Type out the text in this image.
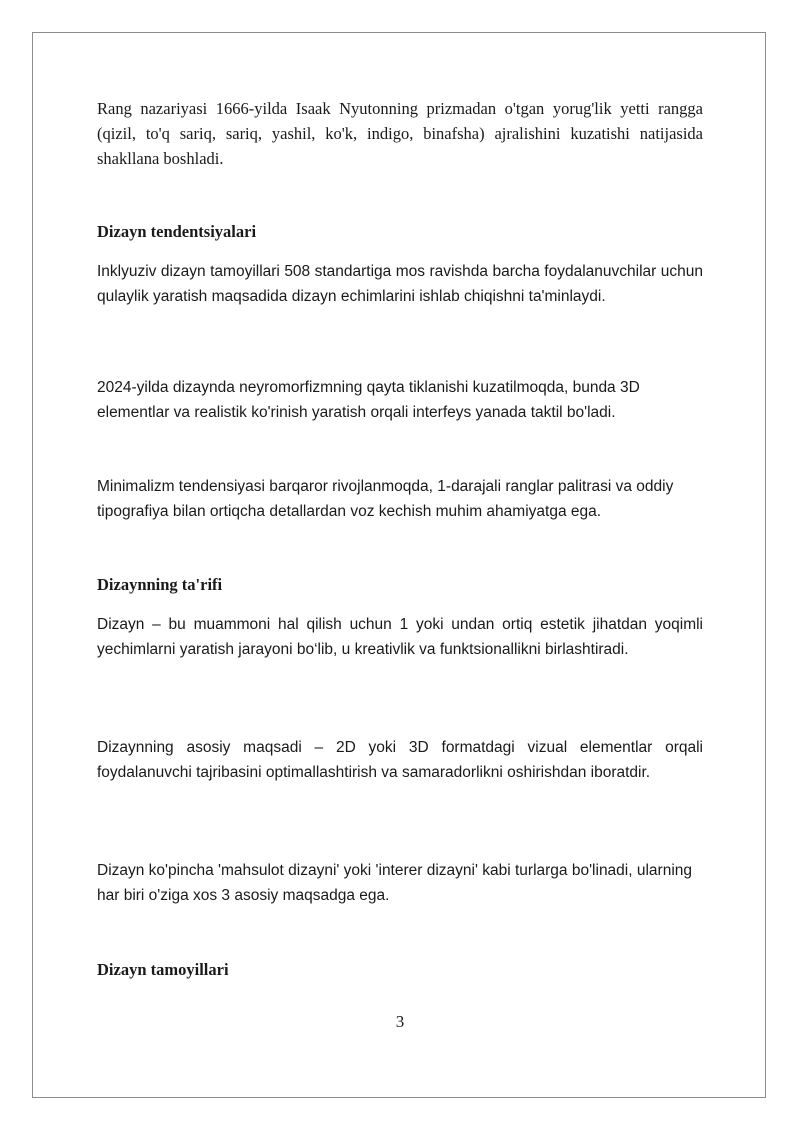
Rang nazariyasi 1666-yilda Isaak Nyutonning prizmadan o'tgan yorug'lik yetti rangga (qizil, to'q sariq, sariq, yashil, ko'k, indigo, binafsha) ajralishini kuzatishi natijasida shakllana boshladi.

Dizayn tendentsiyalari

Inklyuziv dizayn tamoyillari 508 standartiga mos ravishda barcha foydalanuvchilar uchun qulaylik yaratish maqsadida dizayn echimlarini ishlab chiqishni ta'minlaydi.

2024-yilda dizaynda neyromorfizmning qayta tiklanishi kuzatilmoqda, bunda 3D elementlar va realistik ko'rinish yaratish orqali interfeys yanada taktil bo'ladi.

Minimalizm tendensiyasi barqaror rivojlanmoqda, 1-darajali ranglar palitrasi va oddiy tipografiya bilan ortiqcha detallardan voz kechish muhim ahamiyatga ega.

Dizaynning ta'rifi

Dizayn – bu muammoni hal qilish uchun 1 yoki undan ortiq estetik jihatdan yoqimli yechimlarni yaratish jarayoni bo‘lib, u kreativlik va funktsionallikni birlashtiradi.

Dizaynning asosiy maqsadi – 2D yoki 3D formatdagi vizual elementlar orqali foydalanuvchi tajribasini optimallashtirish va samaradorlikni oshirishdan iboratdir.

Dizayn ko'pincha 'mahsulot dizayni' yoki 'interer dizayni' kabi turlarga bo'linadi, ularning har biri o'ziga xos 3 asosiy maqsadga ega.

Dizayn tamoyillari

3
